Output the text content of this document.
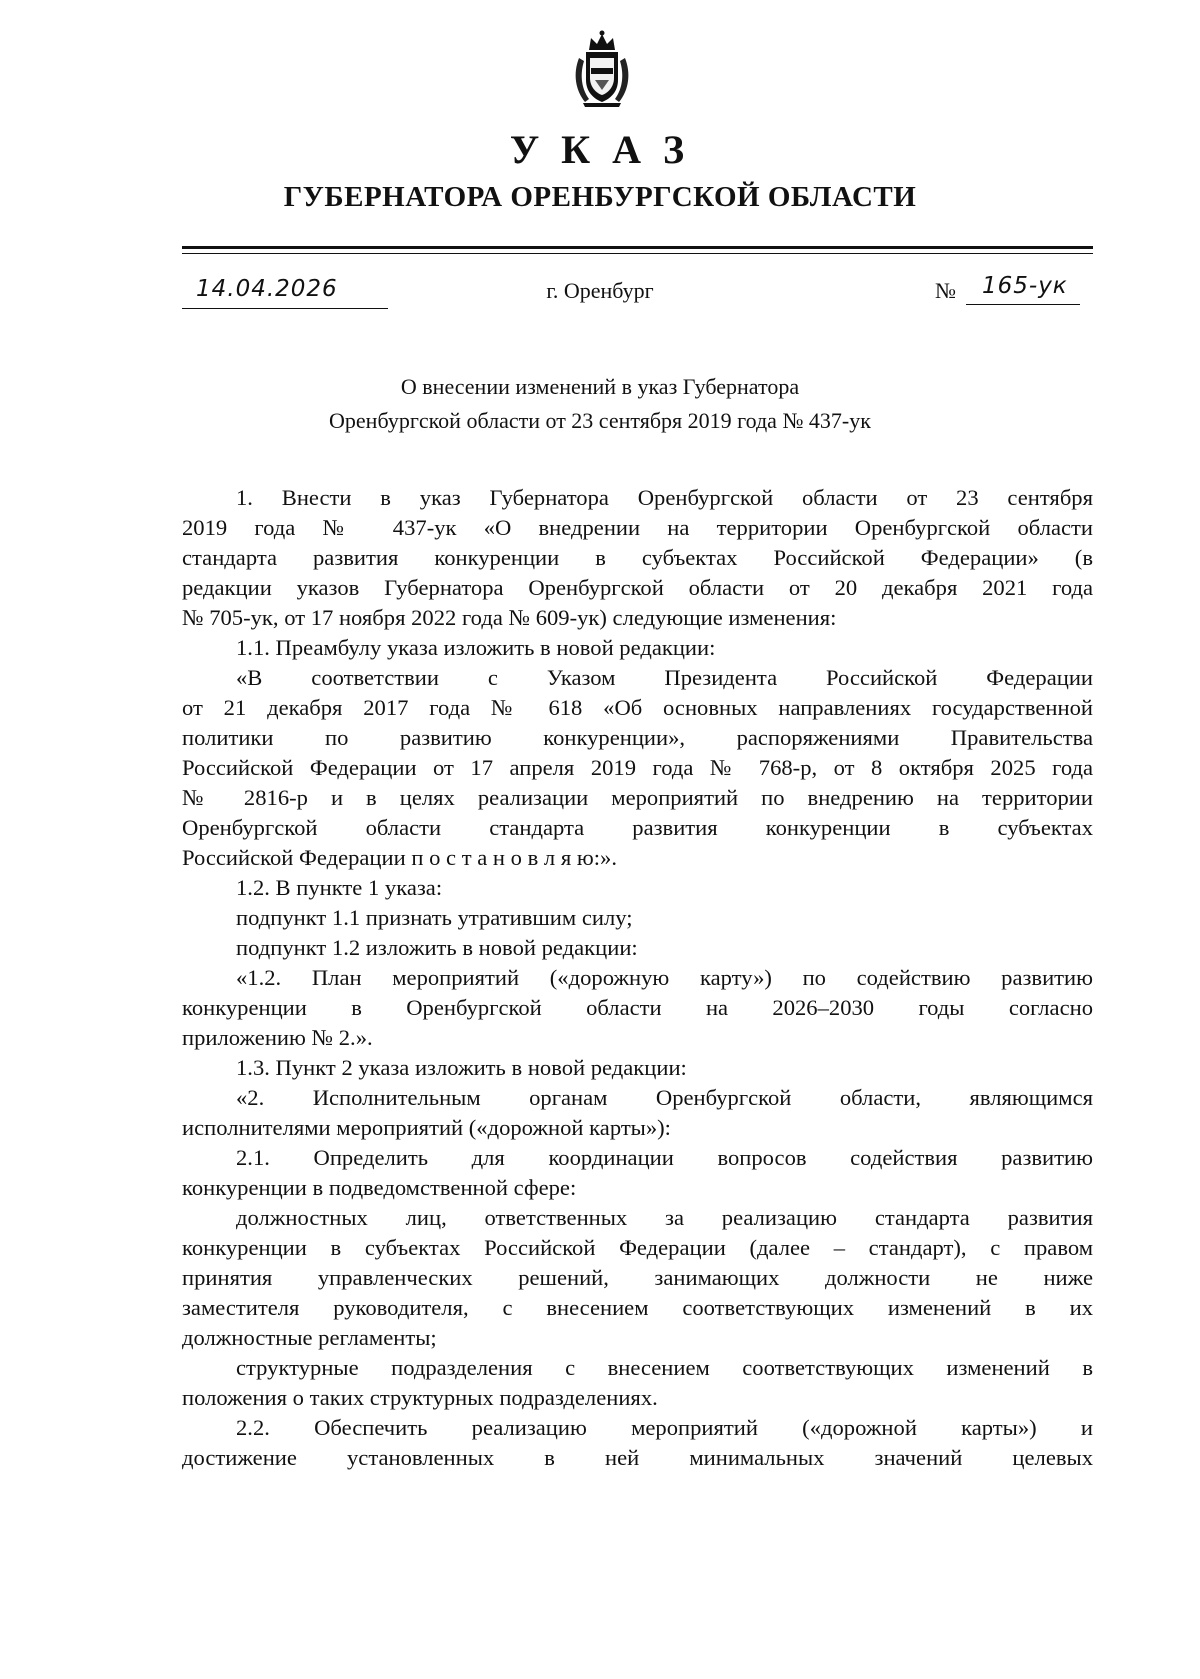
У К А З
ГУБЕРНАТОРА ОРЕНБУРГСКОЙ ОБЛАСТИ
14.04.2026	г. Оренбург	№ 165-ук

О внесении изменений в указ Губернатора

Оренбургской области от 23 сентября 2019 года № 437-ук

1. Внести в указ Губернатора Оренбургской области от 23 сентября

2019 года № 437-ук «О внедрении на территории Оренбургской области

стандарта развития конкуренции в субъектах Российской Федерации» (в

редакции указов Губернатора Оренбургской области от 20 декабря 2021 года

№ 705-ук, от 17 ноября 2022 года № 609-ук) следующие изменения:

1.1. Преамбулу указа изложить в новой редакции:

«В соответствии с Указом Президента Российской Федерации

от 21 декабря 2017 года № 618 «Об основных направлениях государственной

политики по развитию конкуренции», распоряжениями Правительства

Российской Федерации от 17 апреля 2019 года № 768-р, от 8 октября 2025 года

№ 2816-р и в целях реализации мероприятий по внедрению на территории

Оренбургской области стандарта развития конкуренции в субъектах

Российской Федерации п о с т а н о в л я ю:».

1.2. В пункте 1 указа:

подпункт 1.1 признать утратившим силу;

подпункт 1.2 изложить в новой редакции:

«1.2. План мероприятий («дорожную карту») по содействию развитию

конкуренции в Оренбургской области на 2026–2030 годы согласно

приложению № 2.».

1.3. Пункт 2 указа изложить в новой редакции:

«2. Исполнительным органам Оренбургской области, являющимся

исполнителями мероприятий («дорожной карты»):

2.1. Определить для координации вопросов содействия развитию

конкуренции в подведомственной сфере:

должностных лиц, ответственных за реализацию стандарта развития

конкуренции в субъектах Российской Федерации (далее – стандарт), с правом

принятия управленческих решений, занимающих должности не ниже

заместителя руководителя, с внесением соответствующих изменений в их

должностные регламенты;

структурные подразделения с внесением соответствующих изменений в

положения о таких структурных подразделениях.

2.2. Обеспечить реализацию мероприятий («дорожной карты») и

достижение установленных в ней минимальных значений целевых
